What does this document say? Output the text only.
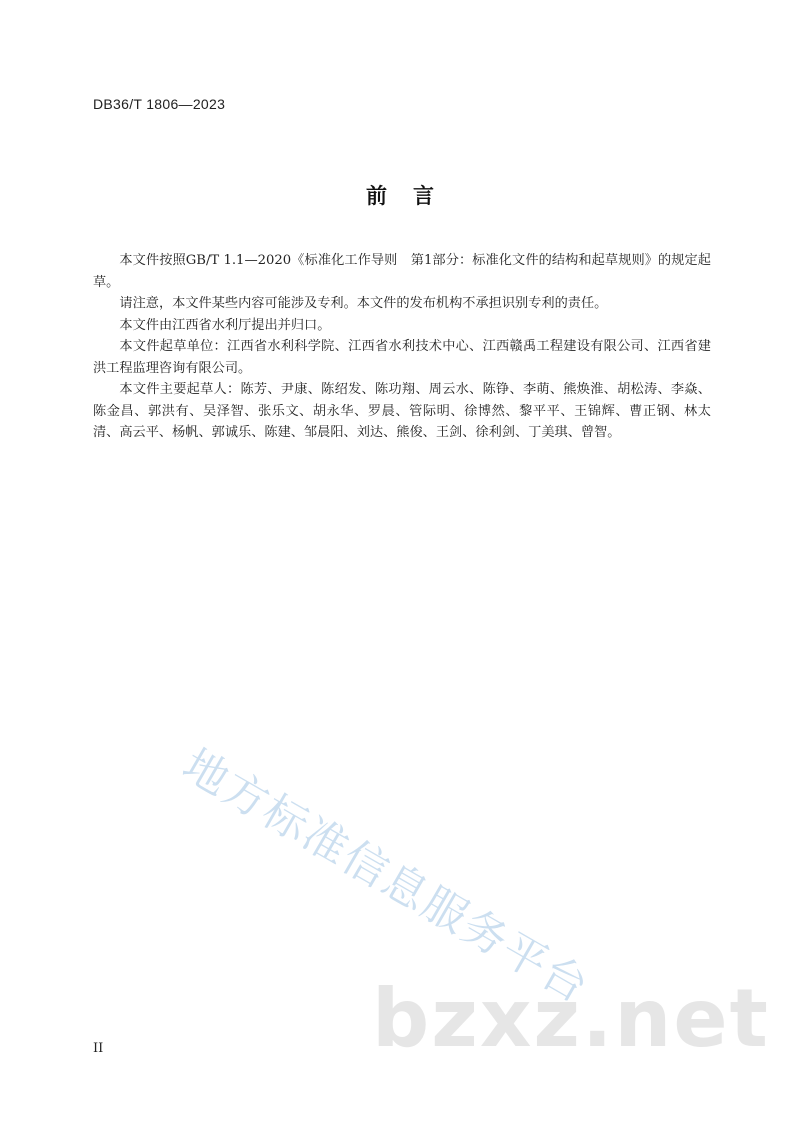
DB36/T 1806—2023
前言

本文件按照GB/T 1.1—2020《标准化工作导则　第1部分：标准化文件的结构和起草规则》的规定起草。

请注意，本文件某些内容可能涉及专利。本文件的发布机构不承担识别专利的责任。

本文件由江西省水利厅提出并归口。

本文件起草单位：江西省水利科学院、江西省水利技术中心、江西赣禹工程建设有限公司、江西省建洪工程监理咨询有限公司。

本文件主要起草人：陈芳、尹康、陈绍发、陈功翔、周云水、陈铮、李萌、熊焕淮、胡松涛、李焱、陈金昌、郭洪有、吴泽智、张乐文、胡永华、罗晨、管际明、徐博然、黎平平、王锦辉、曹正钢、林太清、高云平、杨帆、郭诚乐、陈建、邹晨阳、刘达、熊俊、王剑、徐利剑、丁美琪、曾智。

地方标准信息服务平台
bzxz.net
II
